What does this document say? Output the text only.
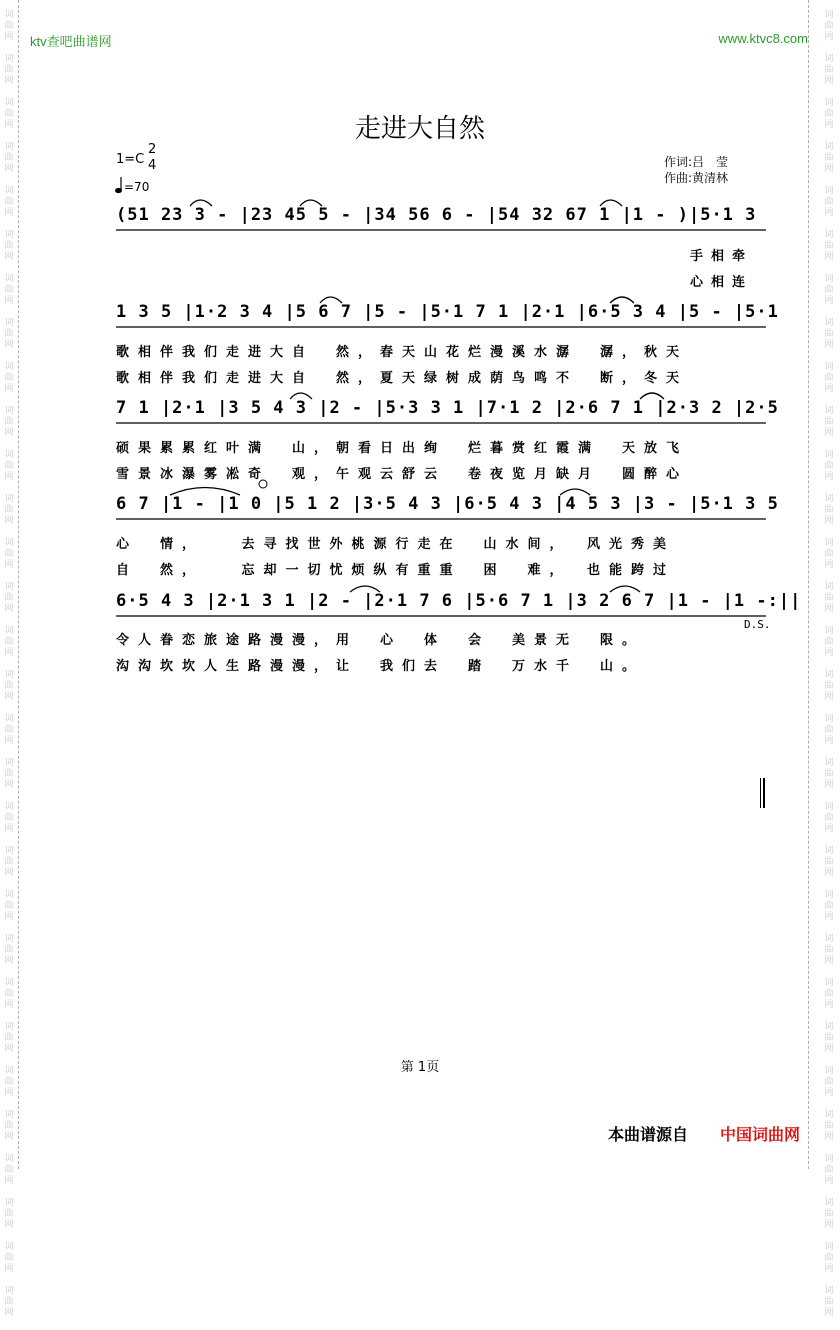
词曲网

词曲网

词曲网

词曲网

词曲网

词曲网

词曲网

词曲网

词曲网

词曲网

词曲网

词曲网

词曲网

词曲网

词曲网

词曲网

词曲网

词曲网

词曲网

词曲网

词曲网

词曲网

词曲网

词曲网

词曲网

词曲网

词曲网

词曲网

词曲网

词曲网

词曲网

词曲网

词曲网

词曲网

词曲网

词曲网

词曲网

词曲网

词曲网

词曲网

词曲网

词曲网

词曲网

词曲网

词曲网

词曲网

词曲网

词曲网

词曲网

词曲网

词曲网

词曲网

词曲网

词曲网

词曲网

词曲网

词曲网

词曲网

词曲网

词曲网

ktv查吧曲谱网	www.ktvc8.com
走进大自然
1=C
2
4
=70
作词:吕　莹
作曲:黄清林
(51 23 3 - |23 45 5 - |34 56 6 - |54 32 67 1 |1 - )|5·1 3
1 3 5 |1·2 3 4 |5 6 7 |5 - |5·1 7 1 |2·1 |6·5 3 4 |5 - |5·1
7 1 |2·1 |3 5 4 3 |2 - |5·3 3 1 |7·1 2 |2·6 7 1 |2·3 2 |2·5
6 7 |1 - |1 0 |5 1 2 |3·5 4 3 |6·5 4 3 |4 5 3 |3 - |5·1 3 5
6·5 4 3 |2·1 3 1 |2 - |2·1 7 6 |5·6 7 1 |3 2 6 7 |1 - |1 -:||
手相牵
心相连
歌相伴我们走进大自　然，春天山花烂漫溪水潺　潺，秋天
歌相伴我们走进大自　然，夏天绿树成荫鸟鸣不　断，冬天
硕果累累红叶满　山，朝看日出绚　烂暮赏红霞满　天放飞
雪景冰瀑雾凇奇　观，午观云舒云　卷夜览月缺月　圆醉心
心　情，　　去寻找世外桃源行走在　山水间，　风光秀美
自　然，　　忘却一切忧烦纵有重重　困　难，　也能跨过
令人眷恋旅途路漫漫，用　心　体　会　美景无　限。
沟沟坎坎人生路漫漫，让　我们去　踏　万水千　山。
D.S.
第 1页
本曲谱源自 中国词曲网
